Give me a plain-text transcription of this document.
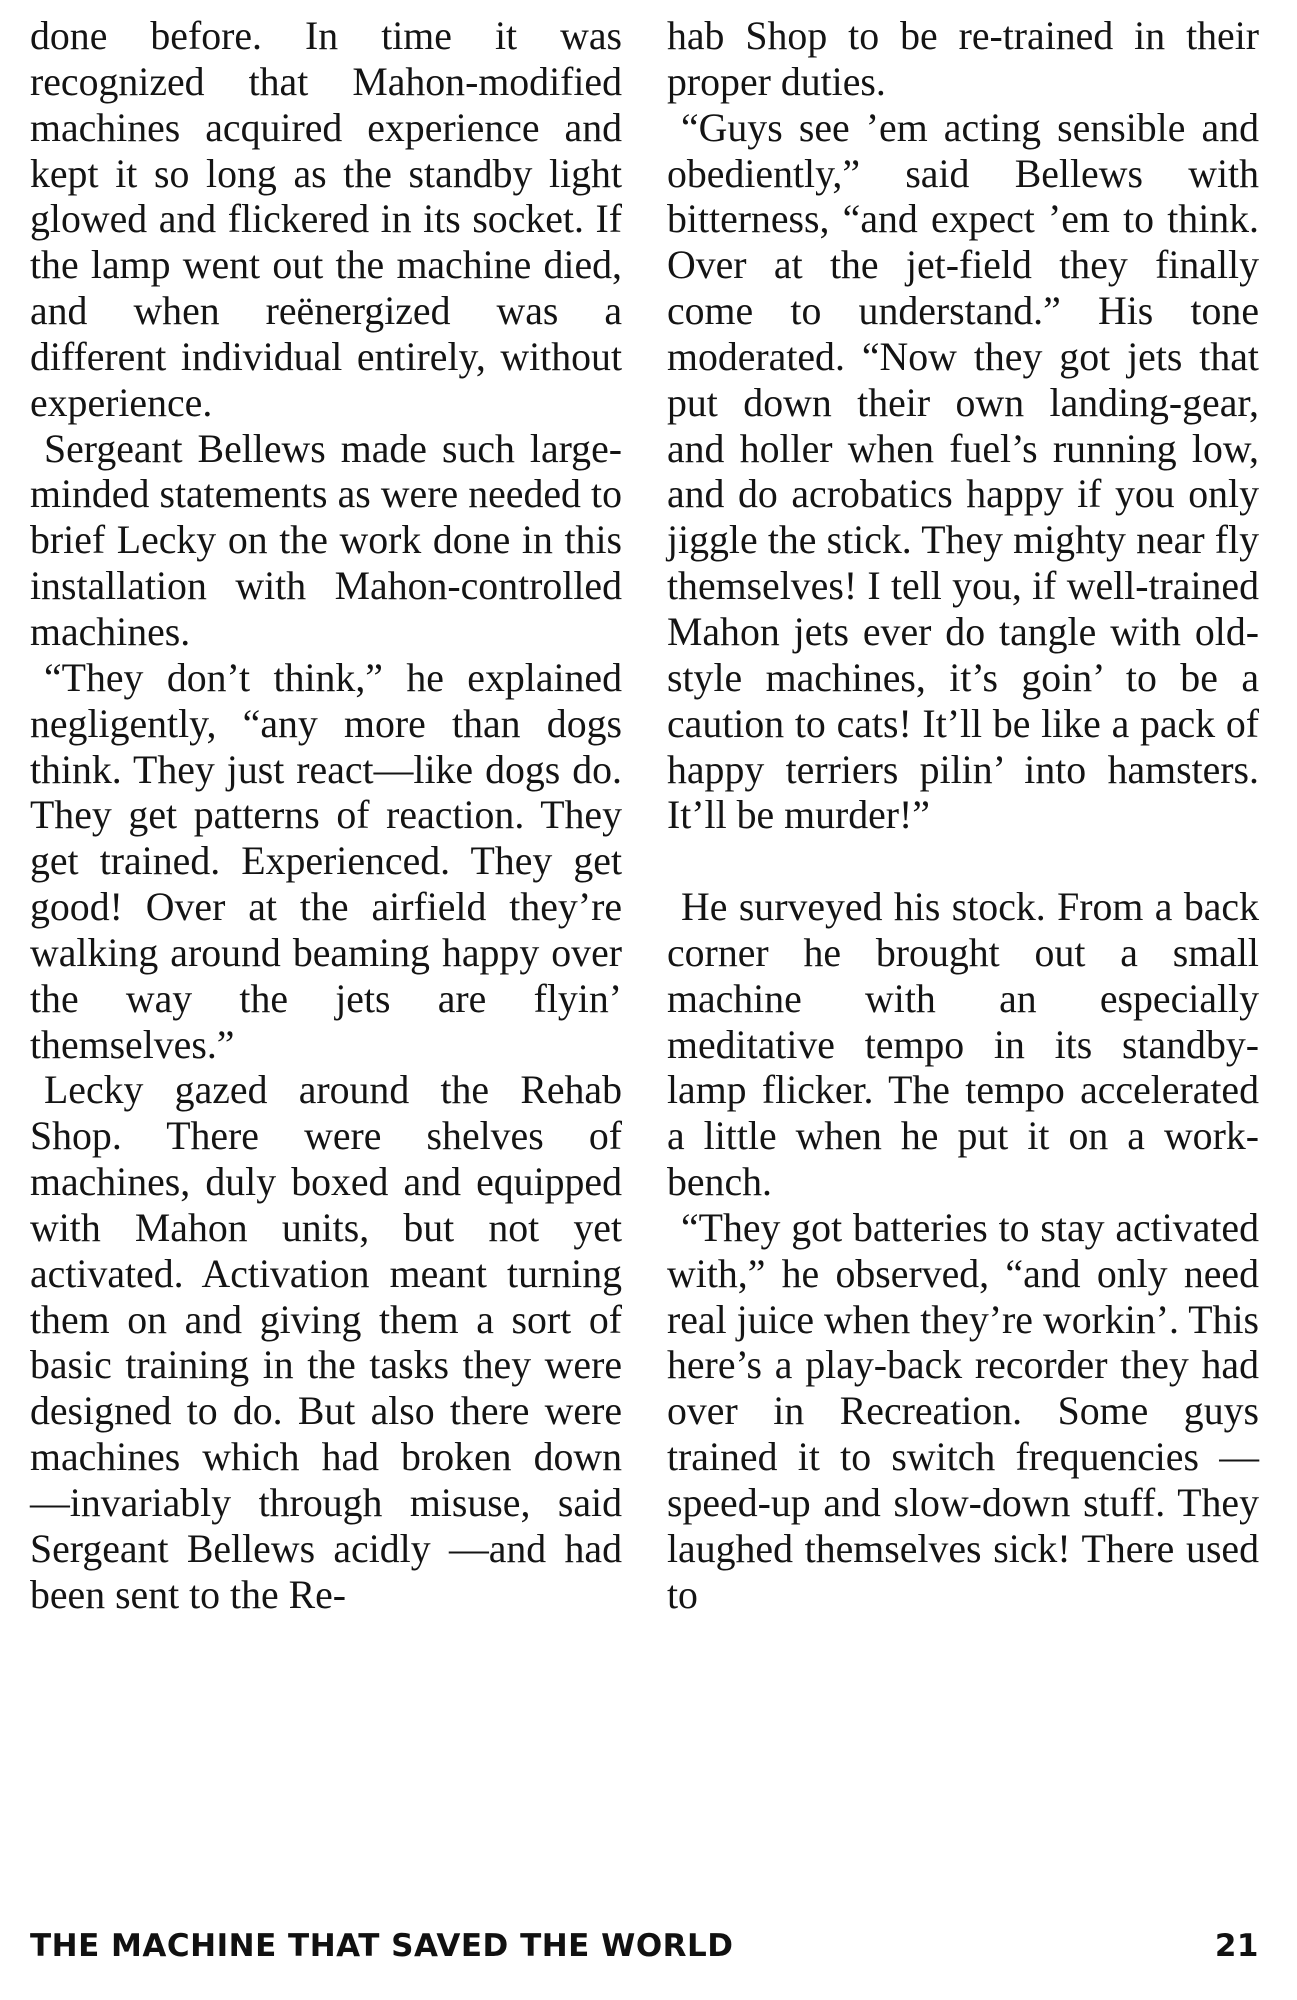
done before. In time it was recognized that Mahon-modified machines acquired experience and kept it so long as the standby light glowed and flickered in its socket. If the lamp went out the machine died, and when reënergized was a different individual entirely, without experience.

Sergeant Bellews made such large-minded statements as were needed to brief Lecky on the work done in this installation with Mahon-controlled machines.

“They don’t think,” he explained negligently, “any more than dogs think. They just react—like dogs do. They get patterns of reaction. They get trained. Experienced. They get good! Over at the airfield they’re walking around beaming happy over the way the jets are flyin’ themselves.”

Lecky gazed around the Rehab Shop. There were shelves of machines, duly boxed and equipped with Mahon units, but not yet activated. Activation meant turning them on and giving them a sort of basic training in the tasks they were designed to do. But also there were machines which had broken down —invariably through misuse, said Sergeant Bellews acidly —and had been sent to the Re-

hab Shop to be re-trained in their proper duties.

“Guys see ’em acting sensible and obediently,” said Bellews with bitterness, “and expect ’em to think. Over at the jet-field they finally come to understand.” His tone moderated. “Now they got jets that put down their own landing-gear, and holler when fuel’s running low, and do acrobatics happy if you only jiggle the stick. They mighty near fly themselves! I tell you, if well-trained Mahon jets ever do tangle with old-style machines, it’s goin’ to be a caution to cats! It’ll be like a pack of happy terriers pilin’ into hamsters. It’ll be murder!”

He surveyed his stock. From a back corner he brought out a small machine with an especially meditative tempo in its standby-lamp flicker. The tempo accelerated a little when he put it on a work-bench.

“They got batteries to stay activated with,” he observed, “and only need real juice when they’re workin’. This here’s a play-back recorder they had over in Recreation. Some guys trained it to switch frequencies — speed-up and slow-down stuff. They laughed themselves sick! There used to

THE MACHINE THAT SAVED THE WORLD	21
